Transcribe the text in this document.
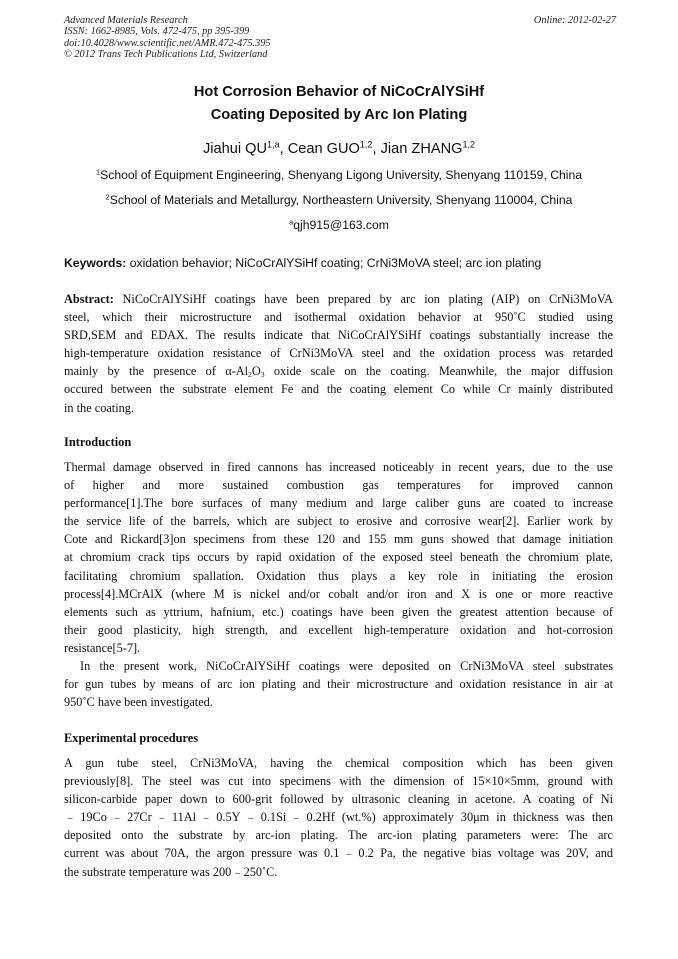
Advanced Materials Research
ISSN: 1662-8985, Vols. 472-475, pp 395-399
doi:10.4028/www.scientific.net/AMR.472-475.395
© 2012 Trans Tech Publications Ltd, Switzerland
Online: 2012-02-27
Hot Corrosion Behavior of NiCoCrAlYSiHf
Coating Deposited by Arc Ion Plating
Jiahui QU$^{1,a}$, Cean GUO$^{1,2}$, Jian ZHANG$^{1,2}$
$^1$School of Equipment Engineering, Shenyang Ligong University, Shenyang 110159, China
$^2$School of Materials and Metallurgy, Northeastern University, Shenyang 110004, China
$^a$qjh915@163.com
Keywords: oxidation behavior; NiCoCrAlYSiHf coating; CrNi3MoVA steel; arc ion plating
Abstract: NiCoCrAlYSiHf coatings have been prepared by arc ion plating (AIP) on CrNi3MoVA
steel, which their microstructure and isothermal oxidation behavior at 950˚C studied using
SRD,SEM and EDAX. The results indicate that NiCoCrAlYSiHf coatings substantially increase the
high-temperature oxidation resistance of CrNi3MoVA steel and the oxidation process was retarded
mainly by the presence of $\alpha-Al_2O_3$ oxide scale on the coating. Meanwhile, the major diffusion
occured between the substrate element Fe and the coating element Co while Cr mainly distributed
in the coating.
Introduction
Thermal damage observed in fired cannons has increased noticeably in recent years, due to the use
of higher and more sustained combustion gas temperatures for improved cannon
performance[1].The bore surfaces of many medium and large caliber guns are coated to increase
the service life of the barrels, which are subject to erosive and corrosive wear[2]. Earlier work by
Cote and Rickard[3]on specimens from these 120 and 155 mm guns showed that damage initiation
at chromium crack tips occurs by rapid oxidation of the exposed steel beneath the chromium plate,
facilitating chromium spallation. Oxidation thus plays a key role in initiating the erosion
process[4].MCrAlX (where M is nickel and/or cobalt and/or iron and X is one or more reactive
elements such as yttrium, hafnium, etc.) coatings have been given the greatest attention because of
their good plasticity, high strength, and excellent high-temperature oxidation and hot-corrosion
resistance[5-7].
In the present work, NiCoCrAlYSiHf coatings were deposited on CrNi3MoVA steel substrates
for gun tubes by means of arc ion plating and their microstructure and oxidation resistance in air at
950˚C have been investigated.
Experimental procedures
A gun tube steel, CrNi3MoVA, having the chemical composition which has been given
previously[8]. The steel was cut into specimens with the dimension of 15×10×5mm, ground with
silicon-carbide paper down to 600-grit followed by ultrasonic cleaning in acetone. A coating of Ni
﹣19Co﹣27Cr﹣11Al﹣0.5Y﹣0.1Si﹣0.2Hf (wt.%) approximately 30μm in thickness was then
deposited onto the substrate by arc-ion plating. The arc-ion plating parameters were: The arc
current was about 70A, the argon pressure was 0.1﹣0.2 Pa, the negative bias voltage was 20V, and
the substrate temperature was 200﹣250˚C.
